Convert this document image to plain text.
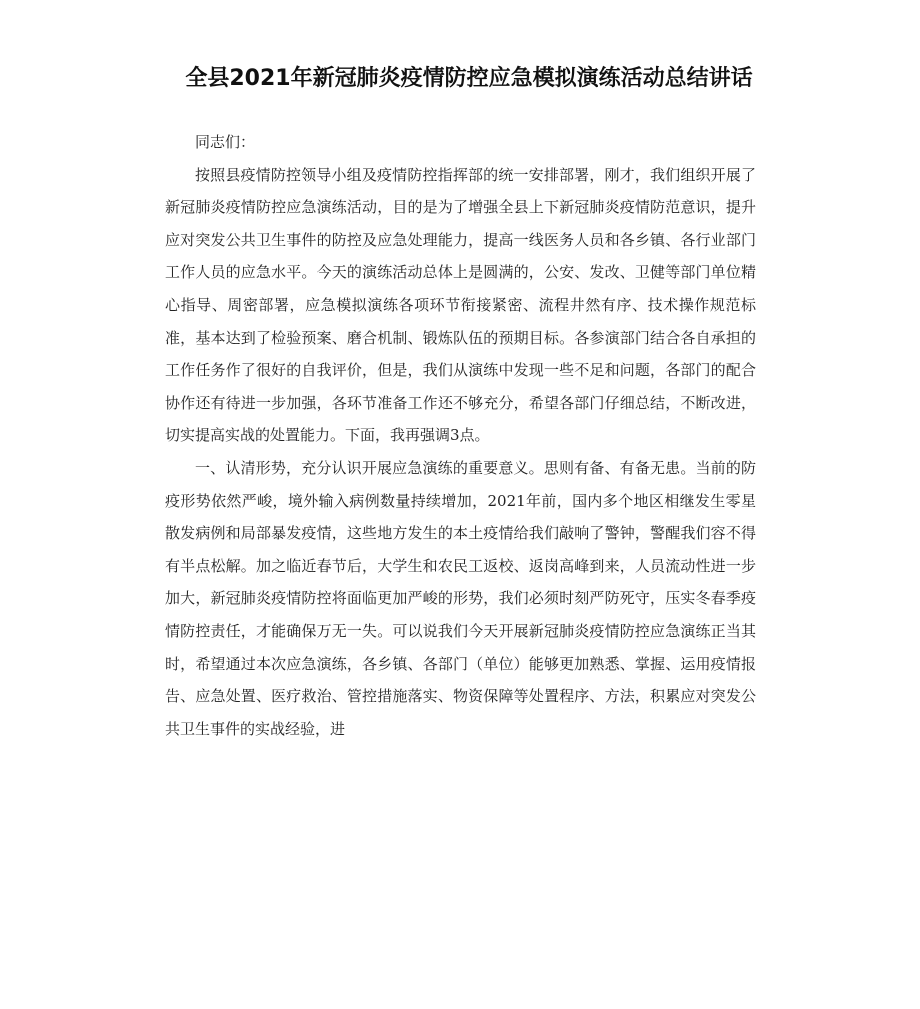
全县2021年新冠肺炎疫情防控应急模拟演练活动总结讲话

同志们：

按照县疫情防控领导小组及疫情防控指挥部的统一安排部署，刚才，我们组织开展了新冠肺炎疫情防控应急演练活动，目的是为了增强全县上下新冠肺炎疫情防范意识，提升应对突发公共卫生事件的防控及应急处理能力，提高一线医务人员和各乡镇、各行业部门工作人员的应急水平。今天的演练活动总体上是圆满的，公安、发改、卫健等部门单位精心指导、周密部署，应急模拟演练各项环节衔接紧密、流程井然有序、技术操作规范标准，基本达到了检验预案、磨合机制、锻炼队伍的预期目标。各参演部门结合各自承担的工作任务作了很好的自我评价，但是，我们从演练中发现一些不足和问题，各部门的配合协作还有待进一步加强，各环节准备工作还不够充分，希望各部门仔细总结，不断改进，切实提高实战的处置能力。下面，我再强调3点。

一、认清形势，充分认识开展应急演练的重要意义。思则有备、有备无患。当前的防疫形势依然严峻，境外输入病例数量持续增加，2021年前，国内多个地区相继发生零星散发病例和局部暴发疫情，这些地方发生的本土疫情给我们敲响了警钟，警醒我们容不得有半点松解。加之临近春节后，大学生和农民工返校、返岗高峰到来，人员流动性进一步加大，新冠肺炎疫情防控将面临更加严峻的形势，我们必须时刻严防死守，压实冬春季疫情防控责任，才能确保万无一失。可以说我们今天开展新冠肺炎疫情防控应急演练正当其时，希望通过本次应急演练，各乡镇、各部门（单位）能够更加熟悉、掌握、运用疫情报告、应急处置、医疗救治、管控措施落实、物资保障等处置程序、方法，积累应对突发公共卫生事件的实战经验，进
